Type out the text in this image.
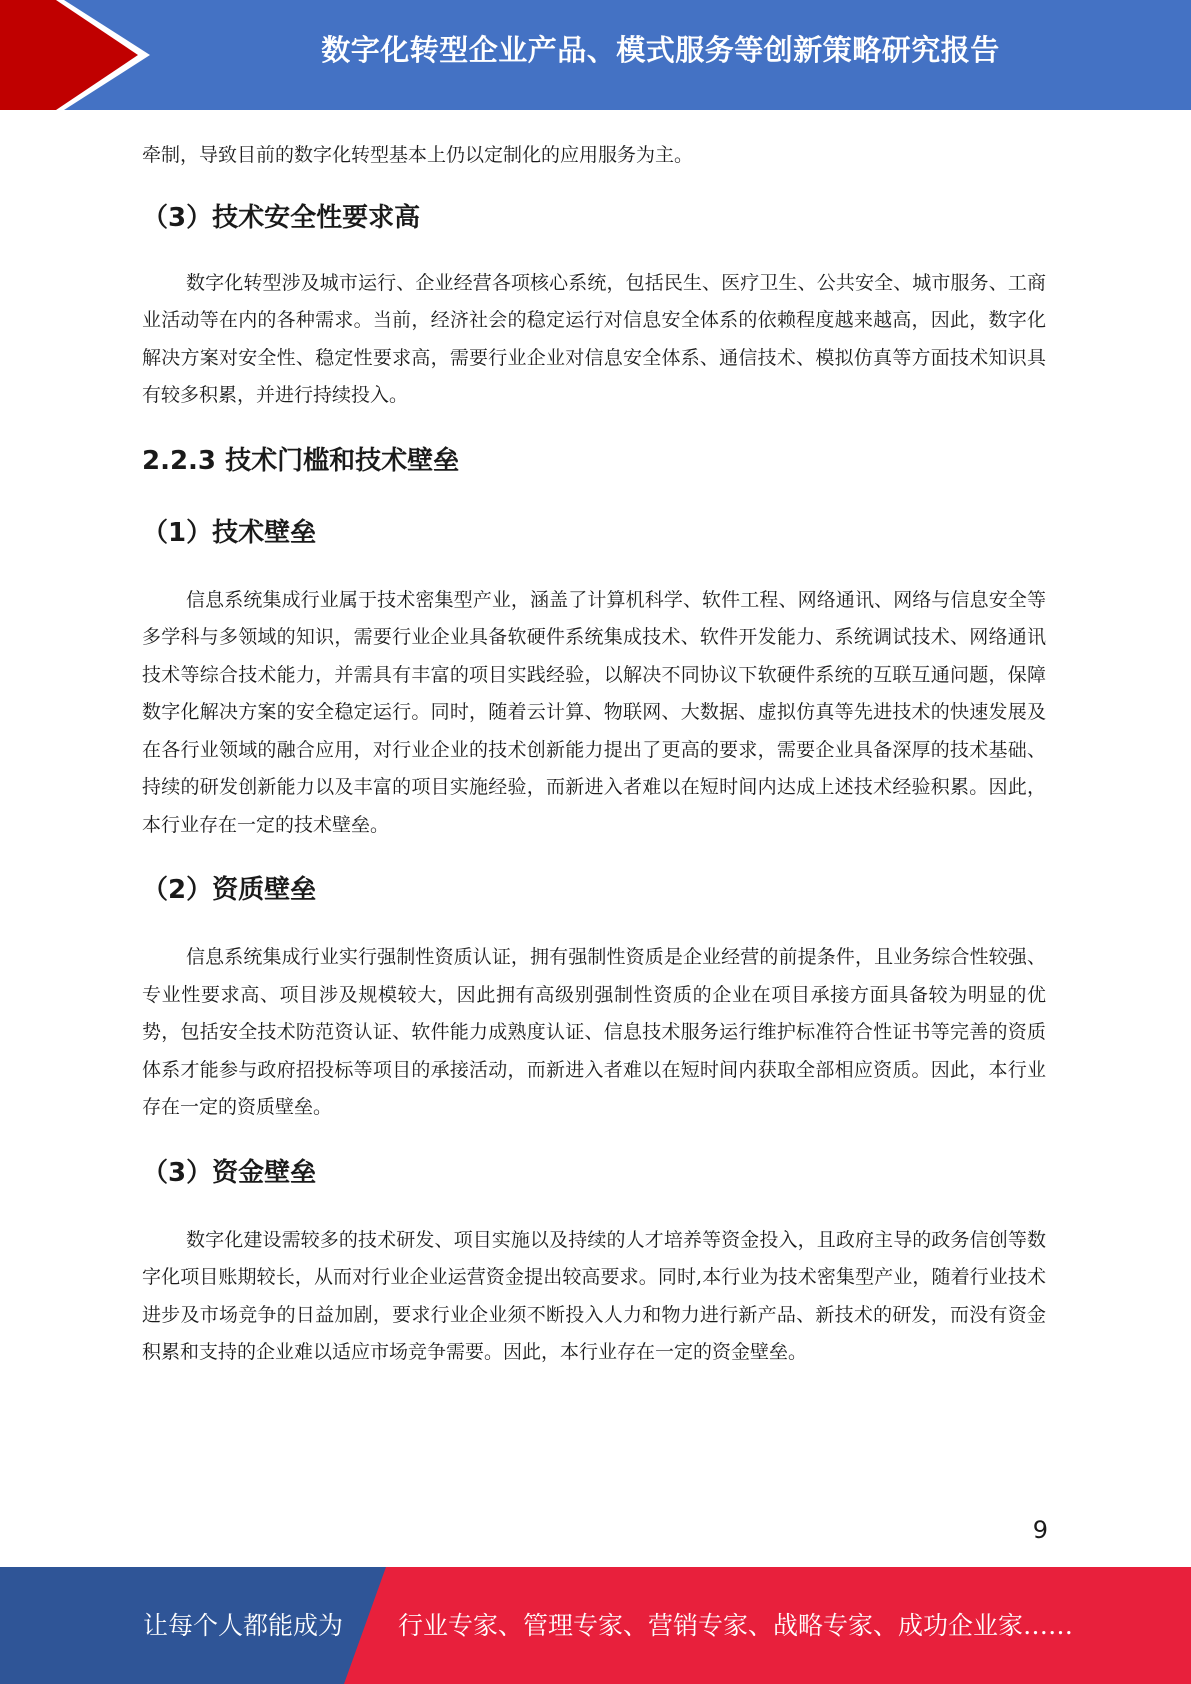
数字化转型企业产品、模式服务等创新策略研究报告

牵制，导致目前的数字化转型基本上仍以定制化的应用服务为主。

（3）技术安全性要求高

数字化转型涉及城市运行、企业经营各项核心系统，包括民生、医疗卫生、公共安全、城市服务、工商业活动等在内的各种需求。当前，经济社会的稳定运行对信息安全体系的依赖程度越来越高，因此，数字化解决方案对安全性、稳定性要求高，需要行业企业对信息安全体系、通信技术、模拟仿真等方面技术知识具有较多积累，并进行持续投入。

2.2.3 技术门槛和技术壁垒
（1）技术壁垒

信息系统集成行业属于技术密集型产业，涵盖了计算机科学、软件工程、网络通讯、网络与信息安全等多学科与多领域的知识，需要行业企业具备软硬件系统集成技术、软件开发能力、系统调试技术、网络通讯技术等综合技术能力，并需具有丰富的项目实践经验，以解决不同协议下软硬件系统的互联互通问题，保障数字化解决方案的安全稳定运行。同时，随着云计算、物联网、大数据、虚拟仿真等先进技术的快速发展及在各行业领域的融合应用，对行业企业的技术创新能力提出了更高的要求，需要企业具备深厚的技术基础、持续的研发创新能力以及丰富的项目实施经验，而新进入者难以在短时间内达成上述技术经验积累。因此，本行业存在一定的技术壁垒。

（2）资质壁垒

信息系统集成行业实行强制性资质认证，拥有强制性资质是企业经营的前提条件，且业务综合性较强、专业性要求高、项目涉及规模较大，因此拥有高级别强制性资质的企业在项目承接方面具备较为明显的优势，包括安全技术防范资认证、软件能力成熟度认证、信息技术服务运行维护标准符合性证书等完善的资质体系才能参与政府招投标等项目的承接活动，而新进入者难以在短时间内获取全部相应资质。因此，本行业存在一定的资质壁垒。

（3）资金壁垒

数字化建设需较多的技术研发、项目实施以及持续的人才培养等资金投入，且政府主导的政务信创等数字化项目账期较长，从而对行业企业运营资金提出较高要求。同时,本行业为技术密集型产业，随着行业技术进步及市场竞争的日益加剧，要求行业企业须不断投入人力和物力进行新产品、新技术的研发，而没有资金积累和支持的企业难以适应市场竞争需要。因此，本行业存在一定的资金壁垒。

9
让每个人都能成为 行业专家、管理专家、营销专家、战略专家、成功企业家……
